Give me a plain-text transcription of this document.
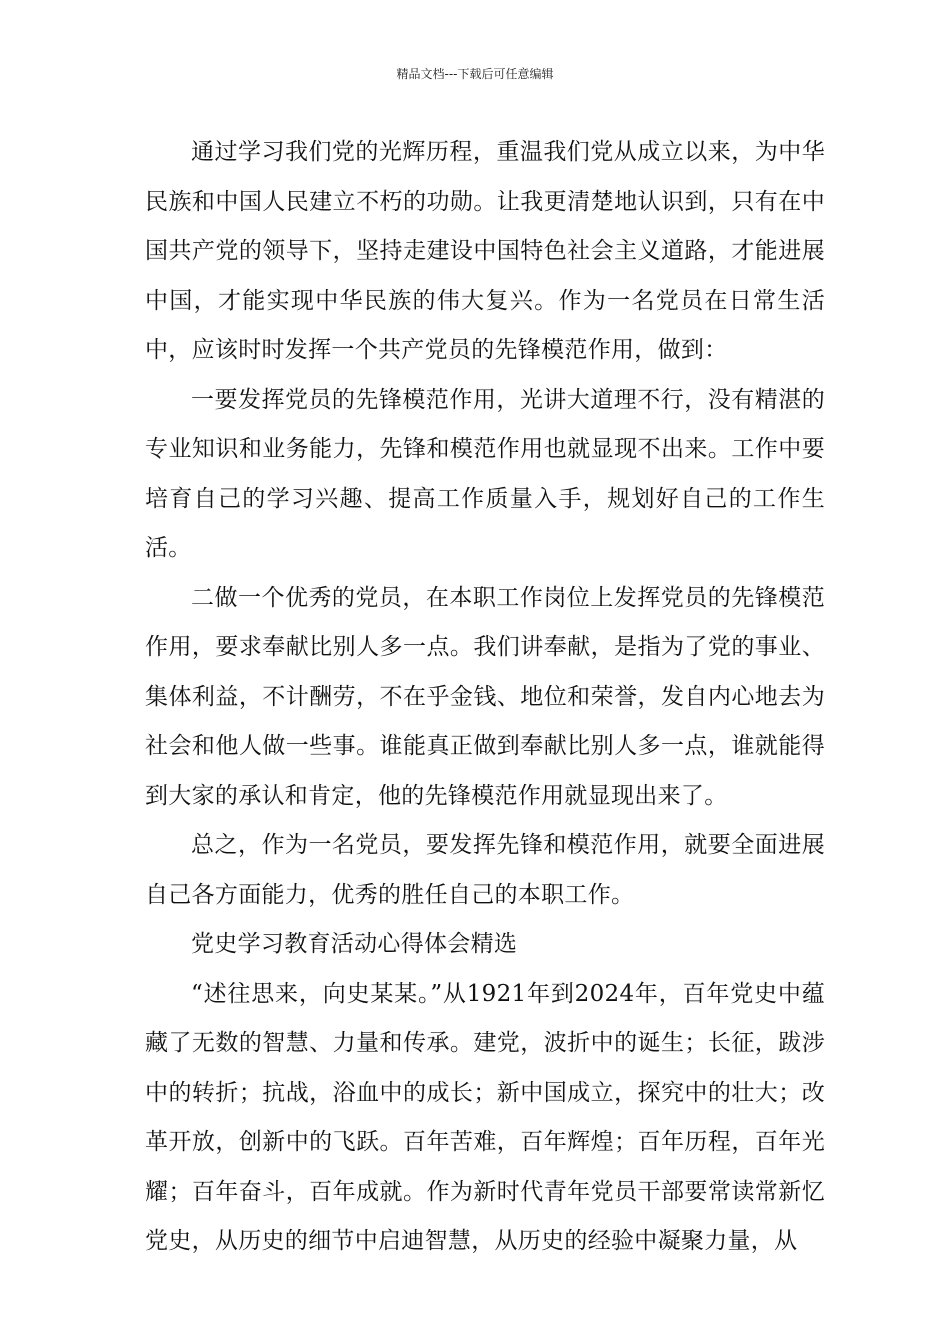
精品文档---下载后可任意编辑

通过学习我们党的光辉历程，重温我们党从成立以来，为中华民族和中国人民建立不朽的功勋。让我更清楚地认识到，只有在中国共产党的领导下，坚持走建设中国特色社会主义道路，才能进展中国，才能实现中华民族的伟大复兴。作为一名党员在日常生活中，应该时时发挥一个共产党员的先锋模范作用，做到：

一要发挥党员的先锋模范作用，光讲大道理不行，没有精湛的专业知识和业务能力，先锋和模范作用也就显现不出来。工作中要培育自己的学习兴趣、提高工作质量入手，规划好自己的工作生活。

二做一个优秀的党员，在本职工作岗位上发挥党员的先锋模范作用，要求奉献比别人多一点。我们讲奉献，是指为了党的事业、集体利益，不计酬劳，不在乎金钱、地位和荣誉，发自内心地去为社会和他人做一些事。谁能真正做到奉献比别人多一点，谁就能得到大家的承认和肯定，他的先锋模范作用就显现出来了。

总之，作为一名党员，要发挥先锋和模范作用，就要全面进展自己各方面能力，优秀的胜任自己的本职工作。

党史学习教育活动心得体会精选

“述往思来，向史某某。”从1921年到2024年，百年党史中蕴藏了无数的智慧、力量和传承。建党，波折中的诞生；长征，跋涉中的转折；抗战，浴血中的成长；新中国成立，探究中的壮大；改革开放，创新中的飞跃。百年苦难，百年辉煌；百年历程，百年光耀；百年奋斗，百年成就。作为新时代青年党员干部要常读常新忆党史，从历史的细节中启迪智慧，从历史的经验中凝聚力量，从
